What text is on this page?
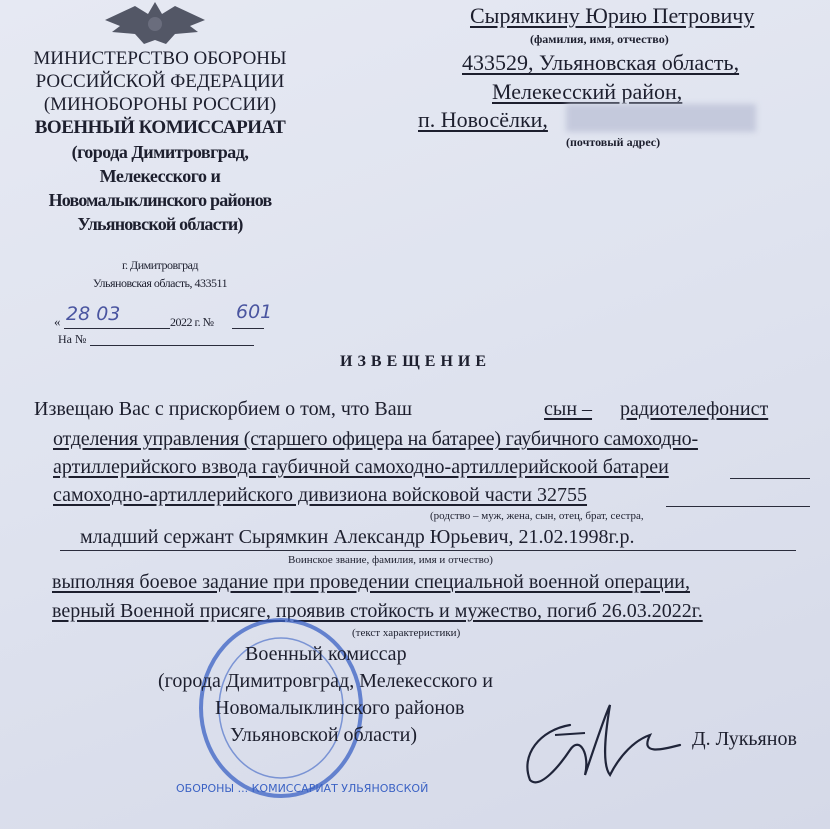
МИНИСТЕРСТВО ОБОРОНЫ
РОССИЙСКОЙ ФЕДЕРАЦИИ
(МИНОБОРОНЫ РОССИИ)
ВОЕННЫЙ КОМИССАРИАТ
(города Димитровград,
Мелекесского и
Новомалыклинского районов
Ульяновской области)
г. Димитровград
Ульяновская область, 433511
« 28 03	2022 г. № 601
На №
Сырямкину Юрию Петровичу
(фамилия, имя, отчество)
433529, Ульяновская область,
Мелекесский район,
п. Новосёлки,
(почтовый адрес)
ИЗВЕЩЕНИЕ
Извещаю Вас с прискорбием о том, что Ваш	сын –	радиотелефонист
отделения управления (старшего офицера на батарее) гаубичного самоходно-
артиллерийского взвода гаубичной самоходно-артиллерийскоой батареи
самоходно-артиллерийского дивизиона войсковой части 32755
(родство – муж, жена, сын, отец, брат, сестра,
младший сержант Сырямкин Александр Юрьевич, 21.02.1998г.р.
Воинское звание, фамилия, имя и отчество)
выполняя боевое задание при проведении специальной военной операции,
верный Военной присяге, проявив стойкость и мужество, погиб 26.03.2022г.
(текст характеристики)
ОБОРОНЫ ... КОМИССАРИАТ УЛЬЯНОВСКОЙ
Военный комиссар
(города Димитровград, Мелекесского и
Новомалыклинского районов
Ульяновской области)	Д. Лукьянов
